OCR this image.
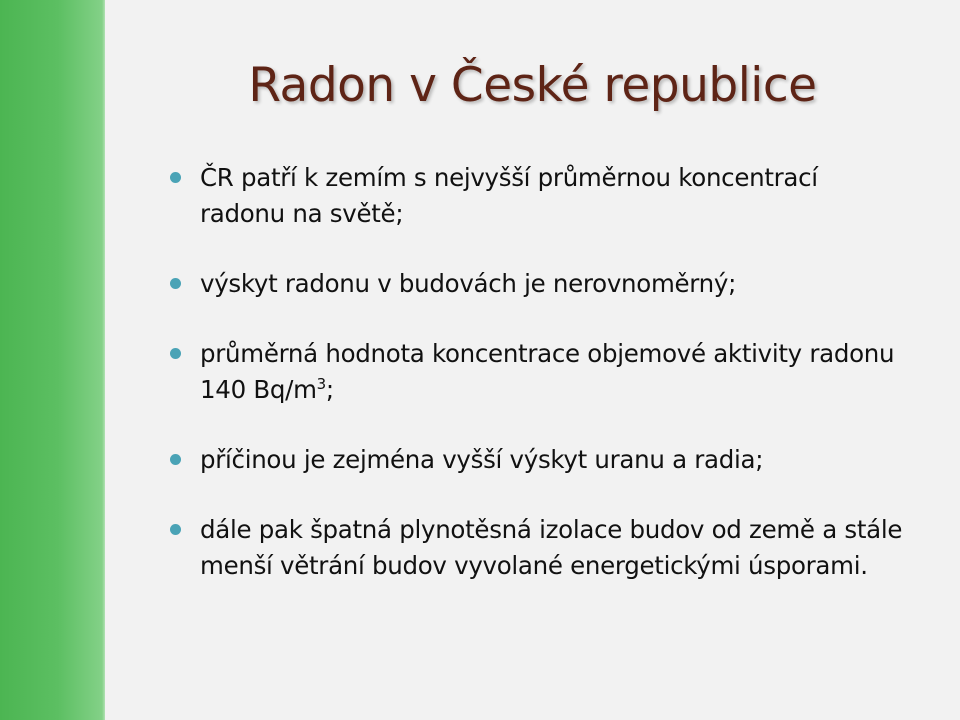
Radon v České republice
ČR patří k zemím s nejvyšší průměrnou koncentrací radonu na světě;
výskyt radonu v budovách je nerovnoměrný;
průměrná hodnota koncentrace objemové aktivity radonu 140 $Bq/m^3$;
příčinou je zejména vyšší výskyt uranu a radia;
dále pak špatná plynotěsná izolace budov od země a stále menší větrání budov vyvolané energetickými úsporami.
